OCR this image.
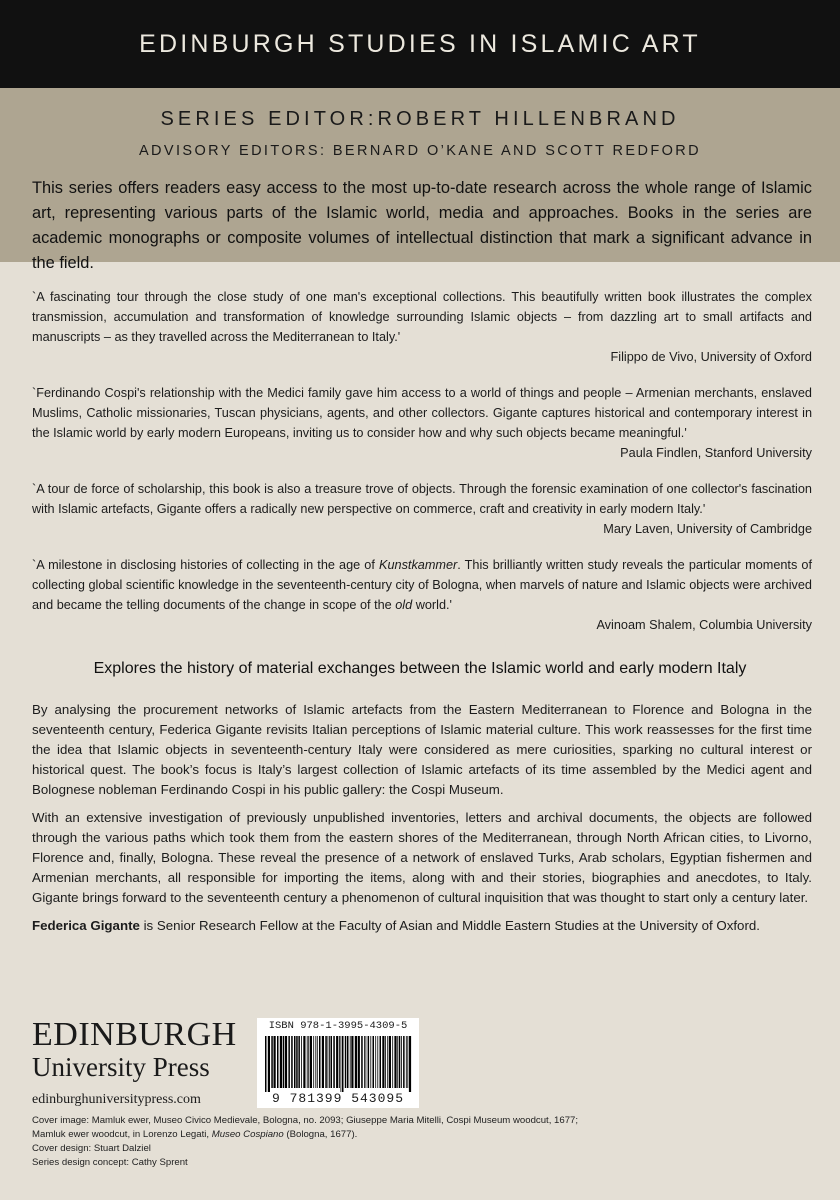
EDINBURGH STUDIES IN ISLAMIC ART
SERIES EDITOR:ROBERT HILLENBRAND
ADVISORY EDITORS: BERNARD O’KANE AND SCOTT REDFORD
This series offers readers easy access to the most up-to-date research across the whole range of Islamic art, representing various parts of the Islamic world, media and approaches. Books in the series are academic monographs or composite volumes of intellectual distinction that mark a significant advance in the field.

`A fascinating tour through the close study of one man's exceptional collections. This beautifully written book illustrates the complex transmission, accumulation and transformation of knowledge surrounding Islamic objects – from dazzling art to small artifacts and manuscripts – as they travelled across the Mediterranean to Italy.'

Filippo de Vivo, University of Oxford

`Ferdinando Cospi's relationship with the Medici family gave him access to a world of things and people – Armenian merchants, enslaved Muslims, Catholic missionaries, Tuscan physicians, agents, and other collectors. Gigante captures historical and contemporary interest in the Islamic world by early modern Europeans, inviting us to consider how and why such objects became meaningful.'

Paula Findlen, Stanford University

`A tour de force of scholarship, this book is also a treasure trove of objects. Through the forensic examination of one collector's fascination with Islamic artefacts, Gigante offers a radically new perspective on commerce, craft and creativity in early modern Italy.'

Mary Laven, University of Cambridge

`A milestone in disclosing histories of collecting in the age of Kunstkammer. This brilliantly written study reveals the particular moments of collecting global scientific knowledge in the seventeenth-century city of Bologna, when marvels of nature and Islamic objects were archived and became the telling documents of the change in scope of the old world.'

Avinoam Shalem, Columbia University

Explores the history of material exchanges between the Islamic world and early modern Italy

By analysing the procurement networks of Islamic artefacts from the Eastern Mediterranean to Florence and Bologna in the seventeenth century, Federica Gigante revisits Italian perceptions of Islamic material culture. This work reassesses for the first time the idea that Islamic objects in seventeenth-century Italy were considered as mere curiosities, sparking no cultural interest or historical quest. The book’s focus is Italy’s largest collection of Islamic artefacts of its time assembled by the Medici agent and Bolognese nobleman Ferdinando Cospi in his public gallery: the Cospi Museum.

With an extensive investigation of previously unpublished inventories, letters and archival documents, the objects are followed through the various paths which took them from the eastern shores of the Mediterranean, through North African cities, to Livorno, Florence and, finally, Bologna. These reveal the presence of a network of enslaved Turks, Arab scholars, Egyptian fishermen and Armenian merchants, all responsible for importing the items, along with and their stories, biographies and anecdotes, to Italy. Gigante brings forward to the seventeenth century a phenomenon of cultural inquisition that was thought to start only a century later.

Federica Gigante is Senior Research Fellow at the Faculty of Asian and Middle Eastern Studies at the University of Oxford.

EDINBURGH
University Press
edinburghuniversitypress.com
ISBN 978-1-3995-4309-5
9 781399 543095

Cover image: Mamluk ewer, Museo Civico Medievale, Bologna, no. 2093; Giuseppe Maria Mitelli, Cospi Museum woodcut, 1677;

Mamluk ewer woodcut, in Lorenzo Legati, Museo Cospiano (Bologna, 1677).

Cover design: Stuart Dalziel

Series design concept: Cathy Sprent
